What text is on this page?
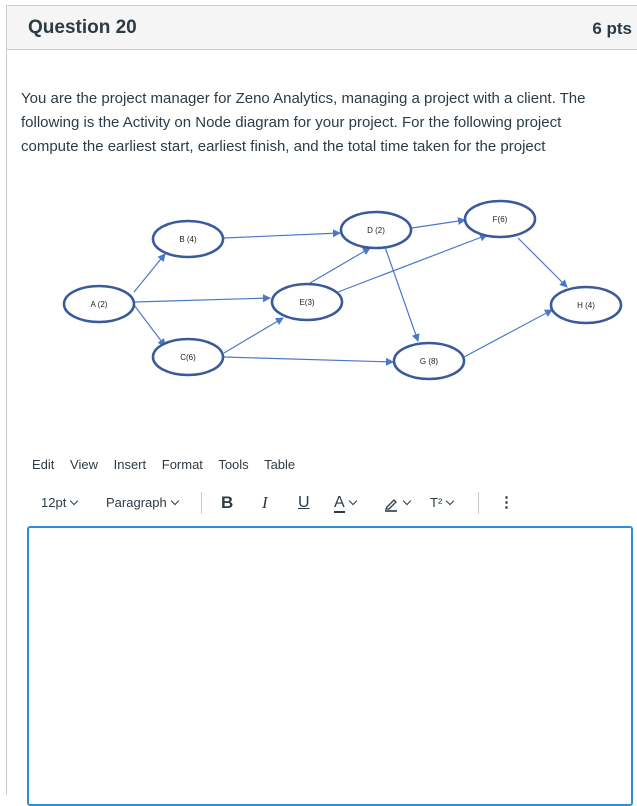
Question 20	6 pts
You are the project manager for Zeno Analytics, managing a project with a client. The following is the Activity on Node diagram for your project. For the following project compute the earliest start, earliest finish, and the total time taken for the project
A (2)
B (4)
C(6)
D (2)
E(3)
F(6)
G (8)
H (4)
Edit View Insert Format Tools Table
12pt	Paragraph	B I U A	T²	⋮
